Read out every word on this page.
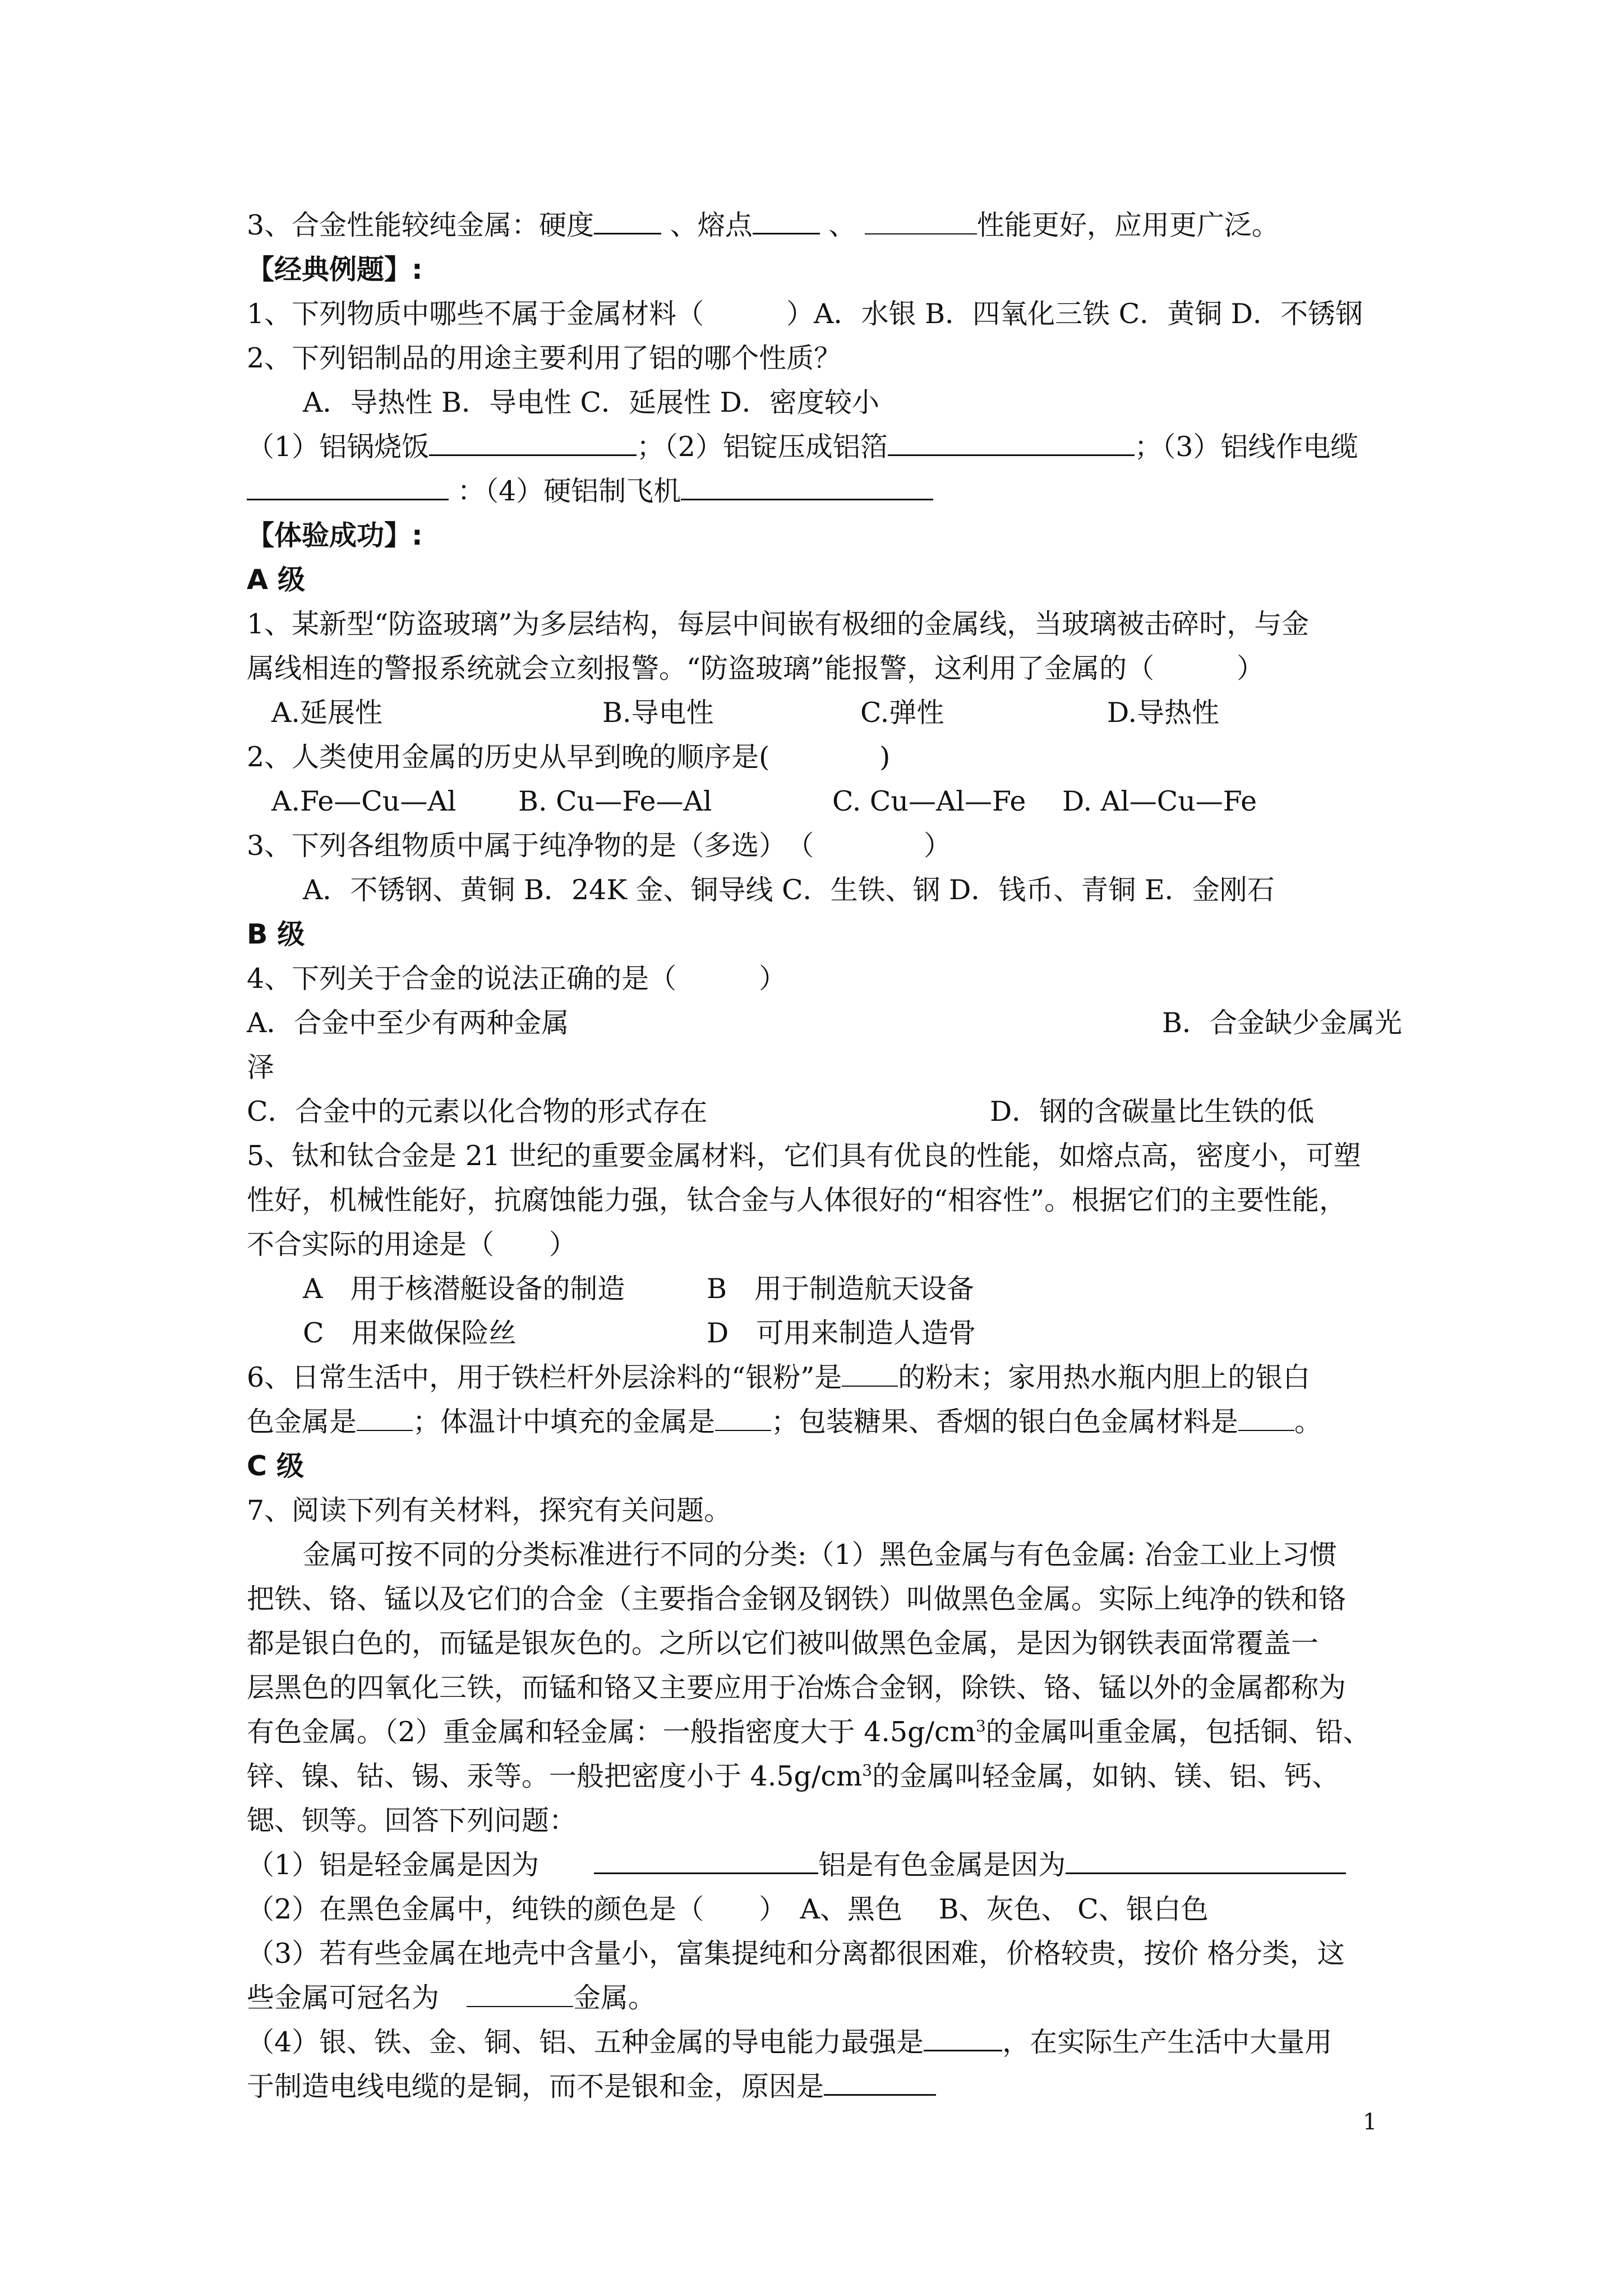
3、合金性能较纯金属：硬度 、熔点 、	性能更好，应用更广泛。
【经典例题】:
1、下列物质中哪些不属于金属材料（　　　）A．水银 B．四氧化三铁 C．黄铜 D．不锈钢
2、下列铝制品的用途主要利用了铝的哪个性质？
A．导热性 B．导电性 C．延展性 D．密度较小
（1）铝锅烧饭	；（2）铝锭压成铝箔	；（3）铝线作电缆
：（4）硬铝制飞机
【体验成功】:
A 级
1、某新型“防盗玻璃”为多层结构，每层中间嵌有极细的金属线，当玻璃被击碎时，与金
属线相连的警报系统就会立刻报警。“防盗玻璃”能报警，这利用了金属的（　　　）
A.延展性	B.导电性	C.弹性	D.导热性
2、人类使用金属的历史从早到晚的顺序是(　　　　)
A.Fe—Cu—Al B. Cu—Fe—Al	C. Cu—Al—Fe D. Al—Cu—Fe
3、下列各组物质中属于纯净物的是（多选）　（　　　　）
A．不锈钢、黄铜 B．24K 金、铜导线 C．生铁、钢 D．钱币、青铜 E．金刚石
B 级
4、下列关于合金的说法正确的是（　　　）
A．合金中至少有两种金属	B．合金缺少金属光
泽
C．合金中的元素以化合物的形式存在	D．钢的含碳量比生铁的低
5、钛和钛合金是 21 世纪的重要金属材料，它们具有优良的性能，如熔点高，密度小，可塑
性好，机械性能好，抗腐蚀能力强，钛合金与人体很好的“相容性”。根据它们的主要性能，
不合实际的用途是（　　）
A　用于核潜艇设备的制造	B　用于制造航天设备
C　用来做保险丝	D　可用来制造人造骨
6、日常生活中，用于铁栏杆外层涂料的“银粉”是 的粉末；家用热水瓶内胆上的银白
色金属是 ；体温计中填充的金属是 ；包装糖果、香烟的银白色金属材料是 。
C 级
7、阅读下列有关材料，探究有关问题。
金属可按不同的分类标准进行不同的分类:（1）黑色金属与有色金属: 冶金工业上习惯
把铁、铬、锰以及它们的合金（主要指合金钢及钢铁）叫做黑色金属。实际上纯净的铁和铬
都是银白色的，而锰是银灰色的。之所以它们被叫做黑色金属，是因为钢铁表面常覆盖一
层黑色的四氧化三铁，而锰和铬又主要应用于冶炼合金钢，除铁、铬、锰以外的金属都称为
有色金属。（2）重金属和轻金属：一般指密度大于 $4.5g/cm^3$的金属叫重金属，包括铜、铅、
锌、镍、钴、锡、汞等。一般把密度小于 $4.5g/cm^3$的金属叫轻金属，如钠、镁、铝、钙、
锶、钡等。回答下列问题：
（1）铝是轻金属是因为　　	铝是有色金属是因为
（2）在黑色金属中，纯铁的颜色是（　　）　A、黑色　 B、灰色、 C、银白色
（3）若有些金属在地壳中含量小，富集提纯和分离都很困难，价格较贵，按价 格分类，这
些金属可冠名为　	金属。
（4）银、铁、金、铜、铝、五种金属的导电能力最强是	，在实际生产生活中大量用
于制造电线电缆的是铜，而不是银和金，原因是
1
